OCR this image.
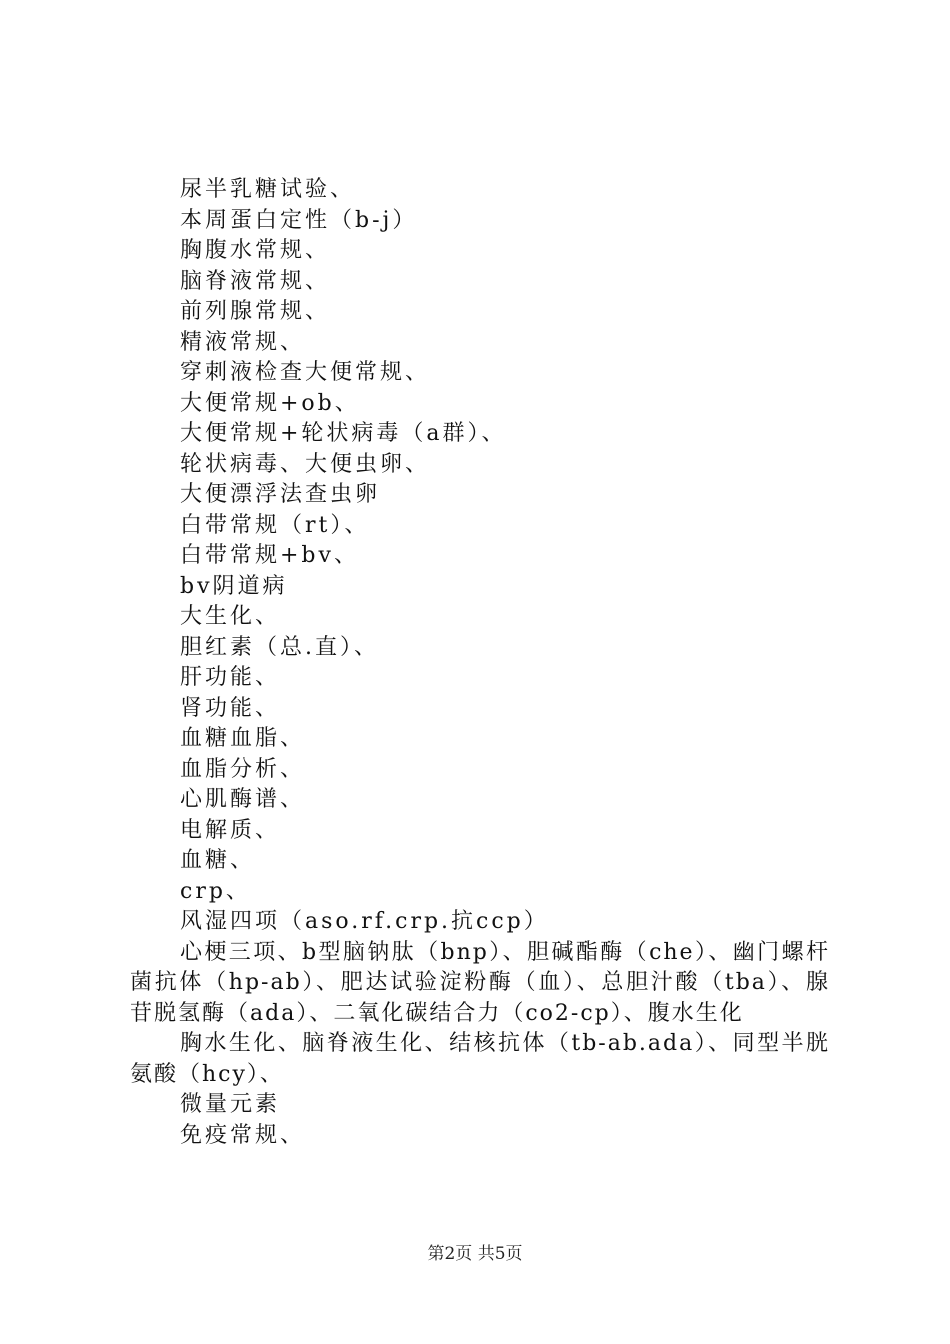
尿半乳糖试验、
本周蛋白定性（b-j）
胸腹水常规、
脑脊液常规、
前列腺常规、
精液常规、
穿刺液检查大便常规、
大便常规+ob、
大便常规+轮状病毒（a群）、
轮状病毒、大便虫卵、
大便漂浮法查虫卵
白带常规（rt）、
白带常规+bv、
bv阴道病
大生化、
胆红素（总.直）、
肝功能、
肾功能、
血糖血脂、
血脂分析、
心肌酶谱、
电解质、
血糖、
crp、
风湿四项（aso.rf.crp.抗ccp）

心梗三项、b型脑钠肽（bnp）、胆碱酯酶（che）、幽门螺杆菌抗体（hp-ab）、肥达试验淀粉酶（血）、总胆汁酸（tba）、腺苷脱氢酶（ada）、二氧化碳结合力（co2-cp）、腹水生化

胸水生化、脑脊液生化、结核抗体（tb-ab.ada）、同型半胱氨酸（hcy）、

微量元素
免疫常规、
第2页 共5页
